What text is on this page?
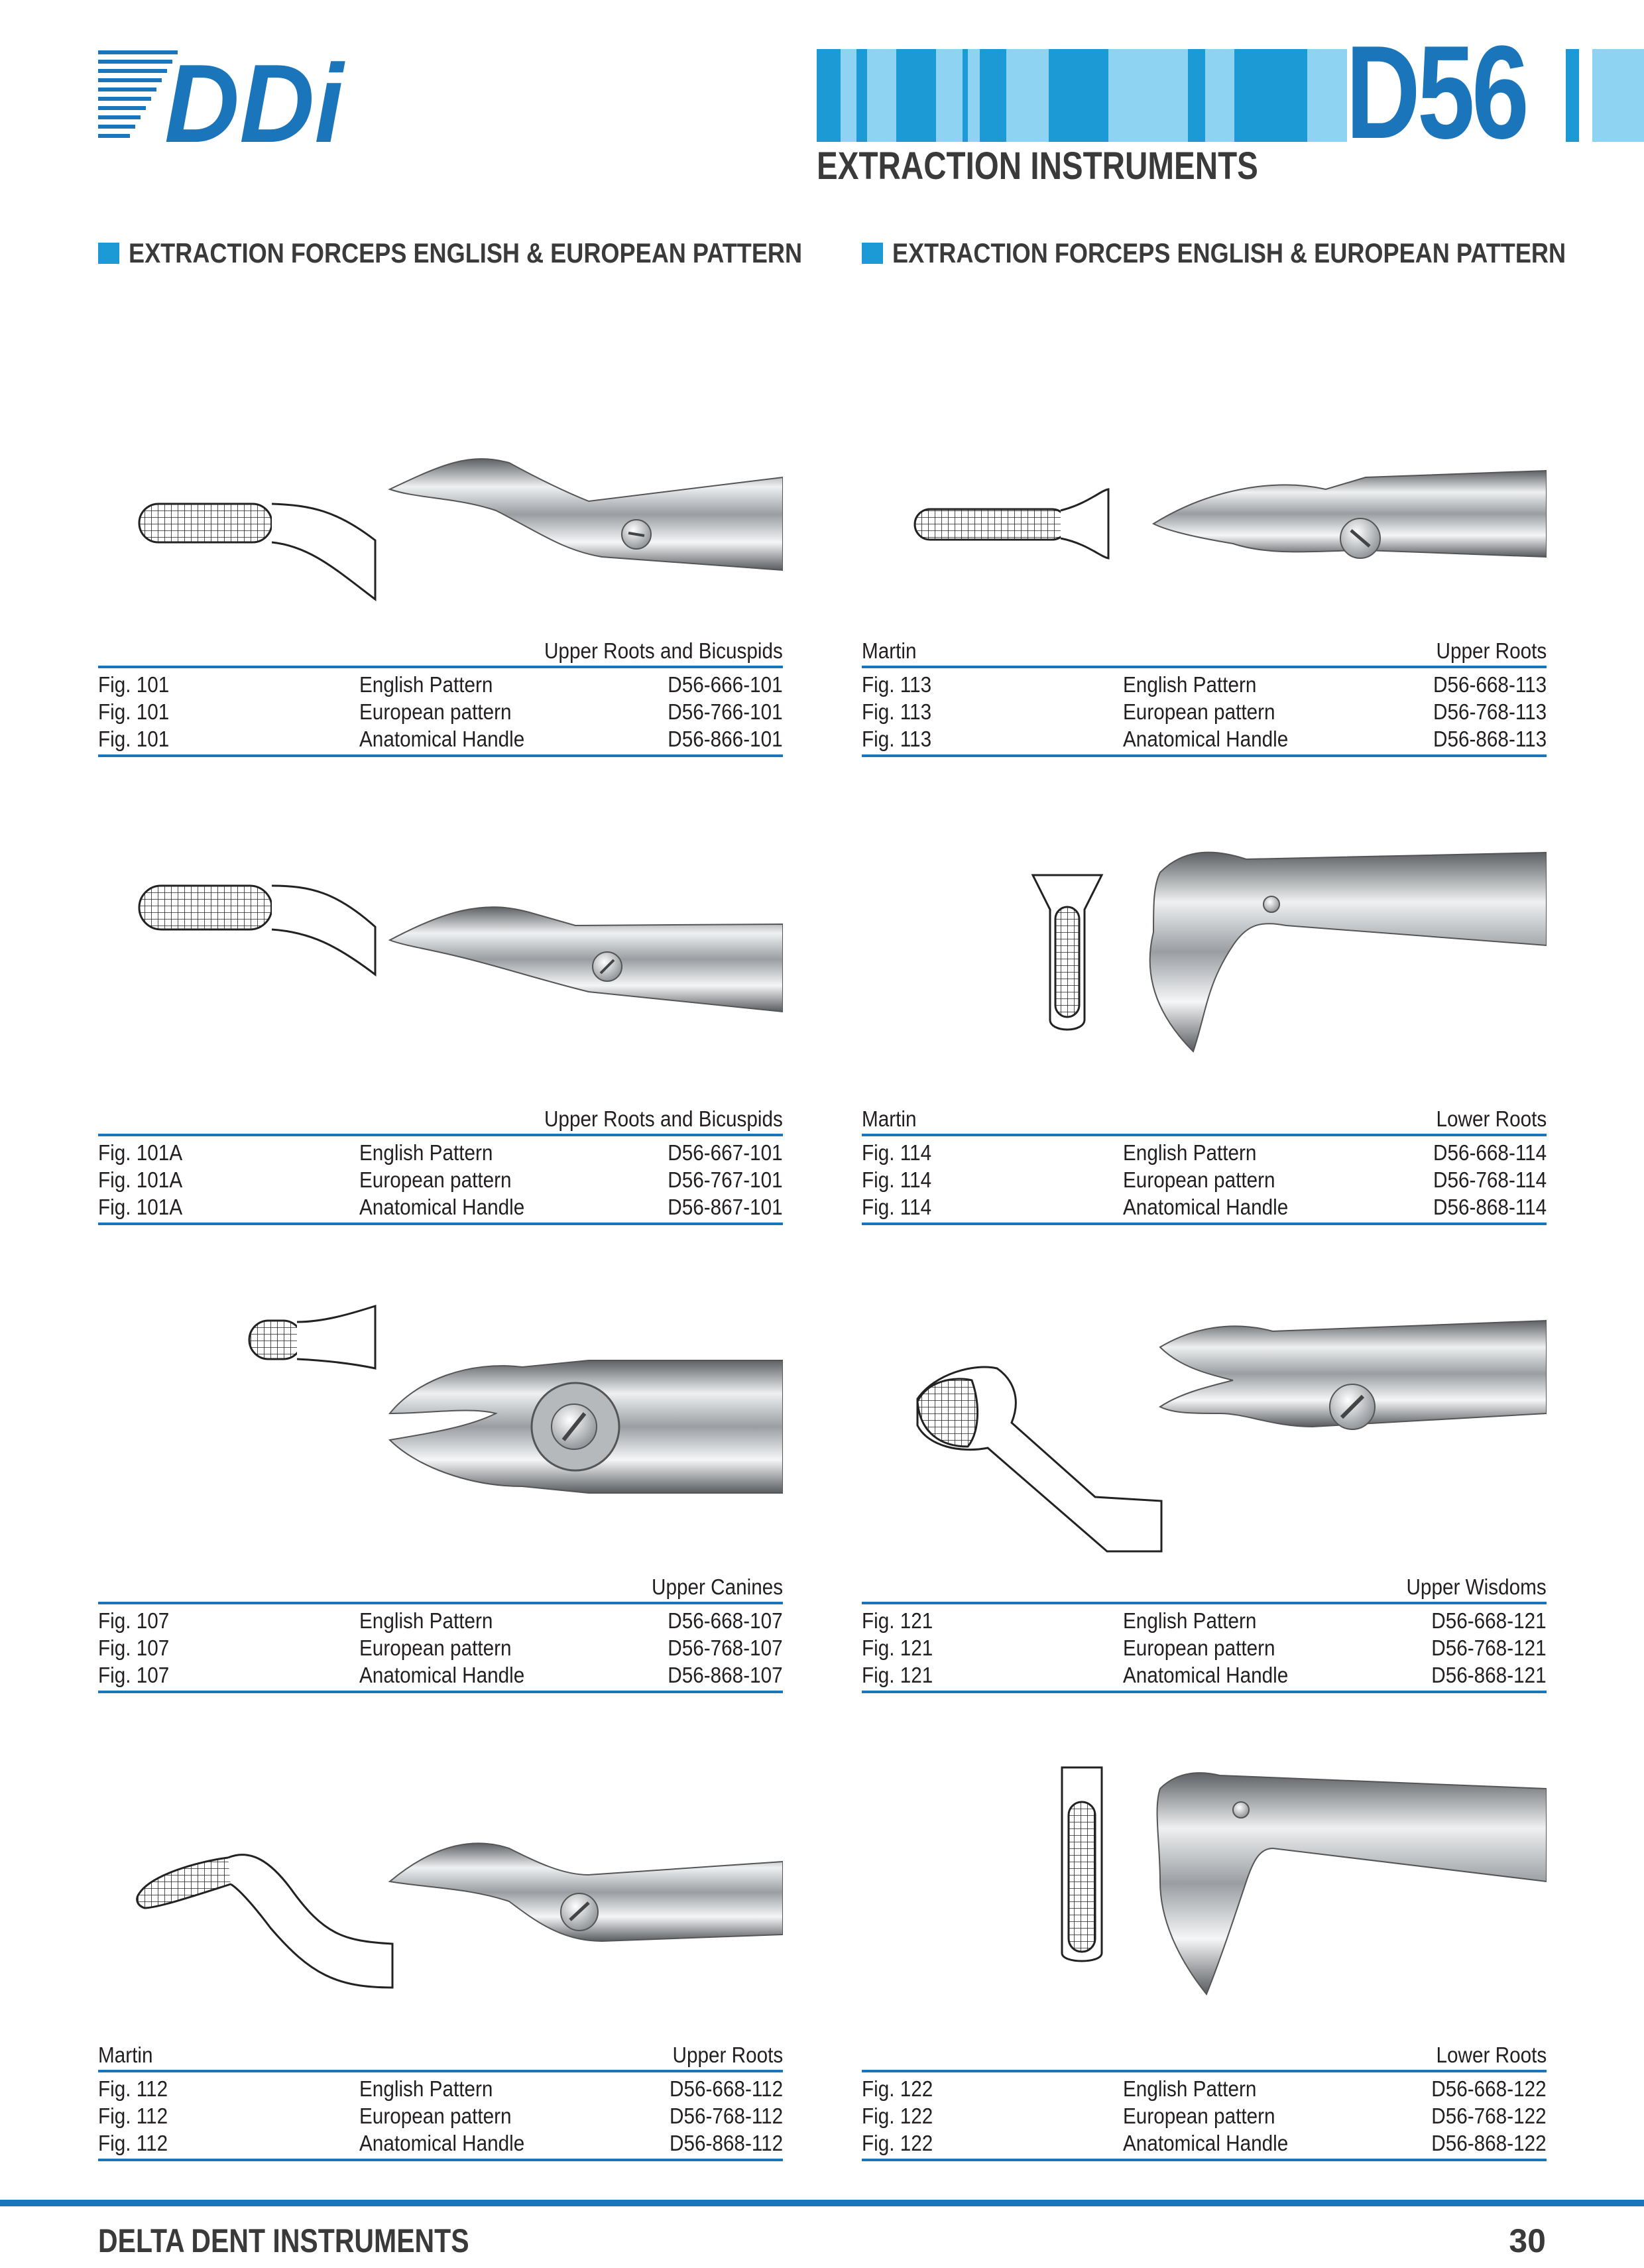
DDi	D56
EXTRACTION INSTRUMENTS
EXTRACTION FORCEPS ENGLISH & EUROPEAN PATTERN	EXTRACTION FORCEPS ENGLISH & EUROPEAN PATTERN
Upper Roots and Bicuspids
Fig. 101	English Pattern	D56-666-101
Fig. 101	European pattern	D56-766-101
Fig. 101	Anatomical Handle	D56-866-101
Martin	Upper Roots
Fig. 113	English Pattern	D56-668-113
Fig. 113	European pattern	D56-768-113
Fig. 113	Anatomical Handle	D56-868-113
Upper Roots and Bicuspids
Fig. 101A	English Pattern	D56-667-101
Fig. 101A	European pattern	D56-767-101
Fig. 101A	Anatomical Handle	D56-867-101
Martin	Lower Roots
Fig. 114	English Pattern	D56-668-114
Fig. 114	European pattern	D56-768-114
Fig. 114	Anatomical Handle	D56-868-114
Upper Canines
Fig. 107	English Pattern	D56-668-107
Fig. 107	European pattern	D56-768-107
Fig. 107	Anatomical Handle	D56-868-107
Upper Wisdoms
Fig. 121	English Pattern	D56-668-121
Fig. 121	European pattern	D56-768-121
Fig. 121	Anatomical Handle	D56-868-121
Martin	Upper Roots
Fig. 112	English Pattern	D56-668-112
Fig. 112	European pattern	D56-768-112
Fig. 112	Anatomical Handle	D56-868-112
Lower Roots
Fig. 122	English Pattern	D56-668-122
Fig. 122	European pattern	D56-768-122
Fig. 122	Anatomical Handle	D56-868-122
DELTA DENT INSTRUMENTS	30
